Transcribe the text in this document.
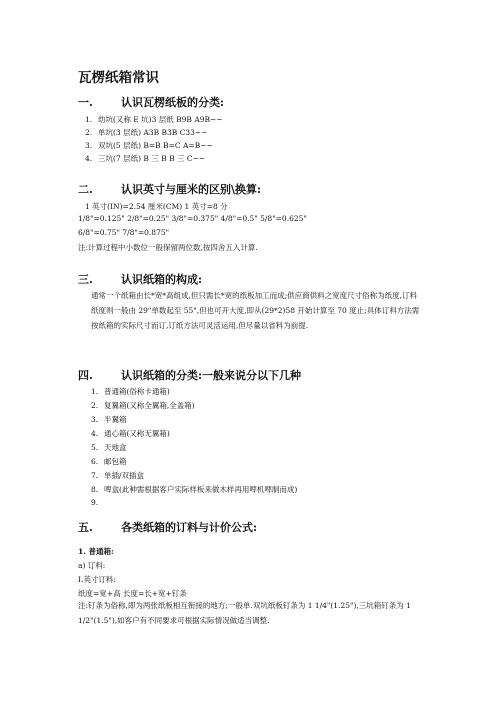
瓦楞纸箱常识
一.	认识瓦楞纸板的分类:
1. 幼坑(又称 E 坑)3 层纸 B9B A9B~~
2. 单坑(3 层纸) A3B B3B C33~~
3. 双坑(5 层纸) B=B B=C A=B~~
4. 三坑(7 层纸) B 三 B B 三 C~~
二.	认识英寸与厘米的区别\换算:
1 英寸(IN)=2.54 厘米(CM) 1 英寸=8 分
1/8"=0.125" 2/8"=0.25" 3/8"=0.375" 4/8"=0.5" 5/8"=0.625"
6/8"=0.75" 7/8"=0.875"
注:计算过程中小数位一般保留两位数,按四舍五入计算.
三.	认识纸箱的构成:
通常一个纸箱由长*宽*高组成,但只需长*宽的纸板加工而成;供应商供料之宽度尺寸俗称为纸度,订料纸度则一般由 29"单数起至 55",但也可开大度,即从(29*2)58 开始计算至 70 度止;具体订料方法需按纸箱的实际尺寸而订,订纸方法可灵活运用,但尽量以省料为前提.
四.	认识纸箱的分类:一般来说分以下几种
1. 普通箱(俗称卡通箱)
2. 复翼箱(又称全翼箱,全盖箱)
3. 半翼箱
4. 通心箱(又称无翼箱)
5. 天地盒
6. 邮包箱
7. 单插/双插盒
8. 啤盒(此种需根据客户实际样板来做木样再用啤机啤制而成)
9.
五.	各类纸箱的订料与计价公式:
1. 普通箱:
a) 订料:
I.英寸订料:
纸度=宽+高 长度=长+宽+钉条
注:钉条为俗称,即为两张纸板相互衔接的地方;一般单.双坑纸板钉条为 1 1/4"(1.25"),三坑箱钉条为 1 1/2"(1.5"),如客户有不同要求可根据实际情况做适当调整.
